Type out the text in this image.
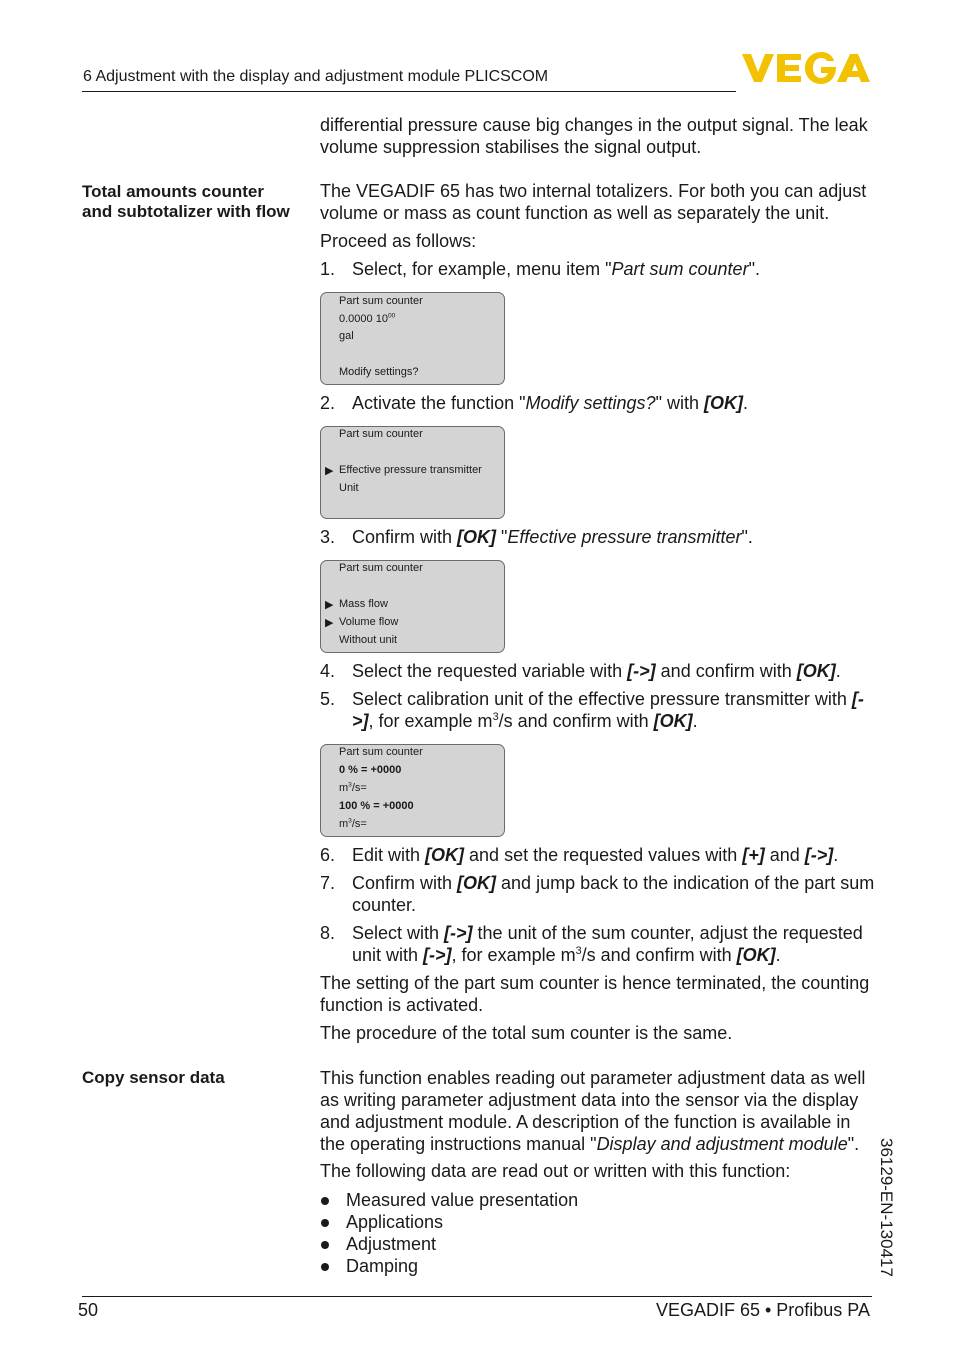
6 Adjustment with the display and adjustment module PLICSCOM
differential pressure cause big changes in the output signal. The leak volume suppression stabilises the signal output.
Total amounts counter
and subtotalizer with flow
The VEGADIF 65 has two internal totalizers. For both you can adjust volume or mass as count function as well as separately the unit.
Proceed as follows:
1. Select, for example, menu item "Part sum counter".
Part sum counter
0.0000 $10^{00}$
gal
Modify settings?
2. Activate the function "Modify settings?" with [OK].
Part sum counter
▶ Effective pressure transmitter
Unit
3. Confirm with [OK] "Effective pressure transmitter".
Part sum counter
▶ Mass flow
▶ Volume flow
Without unit
4. Select the requested variable with [->] and confirm with [OK].
5. Select calibration unit of the effective pressure transmitter with [->], for example $m^3/s$ and confirm with [OK].
Part sum counter
0 % = +0000
$m^3/s=$
100 % = +0000
$m^3/s=$
6. Edit with [OK] and set the requested values with [+] and [->].
7. Confirm with [OK] and jump back to the indication of the part sum counter.
8. Select with [->] the unit of the sum counter, adjust the requested unit with [->], for example $m^3/s$ and confirm with [OK].
The setting of the part sum counter is hence terminated, the counting function is activated.
The procedure of the total sum counter is the same.
Copy sensor data	This function enables reading out parameter adjustment data as well as writing parameter adjustment data into the sensor via the display and adjustment module. A description of the function is available in the operating instructions manual "Display and adjustment module".
The following data are read out or written with this function:
Measured value presentation
Applications
Adjustment
Damping	36129-EN-130417
50	VEGADIF 65 • Profibus PA
